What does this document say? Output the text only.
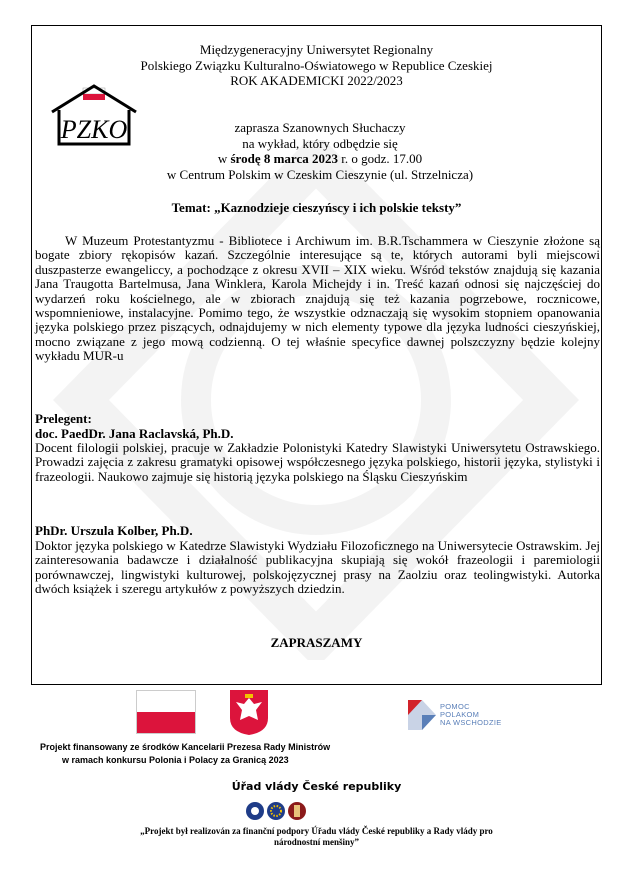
Międzygeneracyjny Uniwersytet Regionalny
Polskiego Związku Kulturalno-Oświatowego w Republice Czeskiej
ROK AKADEMICKI 2022/2023
PZKO	zaprasza Szanownych Słuchaczy
na wykład, który odbędzie się
w środę 8 marca 2023 r. o godz. 17.00
w Centrum Polskim w Czeskim Cieszynie (ul. Strzelnicza)
Temat: „Kaznodzieje cieszyńscy i ich polskie teksty”

W Muzeum Protestantyzmu - Bibliotece i Archiwum im. B.R.Tschammera w Cieszynie złożone są bogate zbiory rękopisów kazań. Szczególnie interesujące są te, których autorami byli miejscowi duszpasterze ewangeliccy, a pochodzące z okresu XVII – XIX wieku. Wśród tekstów znajdują się kazania Jana Traugotta Bartelmusa, Jana Winklera, Karola Michejdy i in. Treść kazań odnosi się najczęściej do wydarzeń roku kościelnego, ale w zbiorach znajdują się też kazania pogrzebowe, rocznicowe, wspomnieniowe, instalacyjne. Pomimo tego, że wszystkie odznaczają się wysokim stopniem opanowania języka polskiego przez piszących, odnajdujemy w nich elementy typowe dla języka ludności cieszyńskiej, mocno związane z jego mową codzienną. O tej właśnie specyfice dawnej polszczyzny będzie kolejny wykładu MUR-u

Prelegent:
doc. PaedDr. Jana Raclavská, Ph.D.

Docent filologii polskiej, pracuje w Zakładzie Polonistyki Katedry Slawistyki Uniwersytetu Ostrawskiego. Prowadzi zajęcia z zakresu gramatyki opisowej współczesnego języka polskiego, historii języka, stylistyki i frazeologii. Naukowo zajmuje się historią języka polskiego na Śląsku Cieszyńskim

PhDr. Urszula Kolber, Ph.D.

Doktor języka polskiego w Katedrze Slawistyki Wydziału Filozoficznego na Uniwersytecie Ostrawskim. Jej zainteresowania badawcze i działalność publikacyjna skupiają się wokół frazeologii i paremiologii porównawczej, lingwistyki kulturowej, polskojęzycznej prasy na Zaolziu oraz teolingwistyki. Autorka dwóch książek i szeregu artykułów z powyższych dziedzin.

ZAPRASZAMY
POMOC
POLAKOM
NA WSCHODZIE
Projekt finansowany ze środków Kancelarii Prezesa Rady Ministrów
w ramach konkursu Polonia i Polacy za Granicą 2023
Úřad vlády České republiky
„Projekt był realizován za finanční podpory Úřadu vlády České republiky a Rady vlády pro
národnostní menšiny”
